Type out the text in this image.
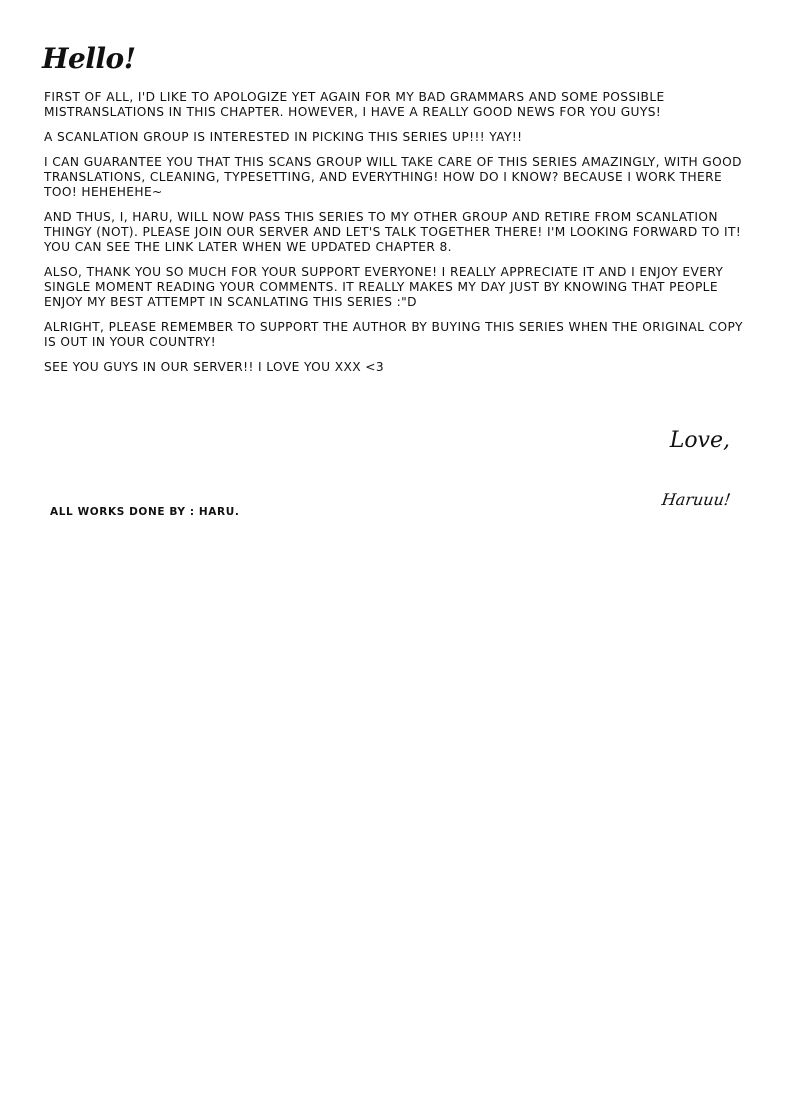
Hello!

FIRST OF ALL, I'D LIKE TO APOLOGIZE YET AGAIN FOR MY BAD GRAMMARS AND SOME POSSIBLE MISTRANSLATIONS IN THIS CHAPTER. HOWEVER, I HAVE A REALLY GOOD NEWS FOR YOU GUYS!

A SCANLATION GROUP IS INTERESTED IN PICKING THIS SERIES UP!!! YAY!!

I CAN GUARANTEE YOU THAT THIS SCANS GROUP WILL TAKE CARE OF THIS SERIES AMAZINGLY, WITH GOOD TRANSLATIONS, CLEANING, TYPESETTING, AND EVERYTHING! HOW DO I KNOW? BECAUSE I WORK THERE TOO! HEHEHEHE~

AND THUS, I, HARU, WILL NOW PASS THIS SERIES TO MY OTHER GROUP AND RETIRE FROM SCANLATION THINGY (NOT). PLEASE JOIN OUR SERVER AND LET'S TALK TOGETHER THERE! I'M LOOKING FORWARD TO IT! YOU CAN SEE THE LINK LATER WHEN WE UPDATED CHAPTER 8.

ALSO, THANK YOU SO MUCH FOR YOUR SUPPORT EVERYONE! I REALLY APPRECIATE IT AND I ENJOY EVERY SINGLE MOMENT READING YOUR COMMENTS. IT REALLY MAKES MY DAY JUST BY KNOWING THAT PEOPLE ENJOY MY BEST ATTEMPT IN SCANLATING THIS SERIES :"D

ALRIGHT, PLEASE REMEMBER TO SUPPORT THE AUTHOR BY BUYING THIS SERIES WHEN THE ORIGINAL COPY IS OUT IN YOUR COUNTRY!

SEE YOU GUYS IN OUR SERVER!! I LOVE YOU XXX <3

Love,

Haruuu!
ALL WORKS DONE BY : HARU.
